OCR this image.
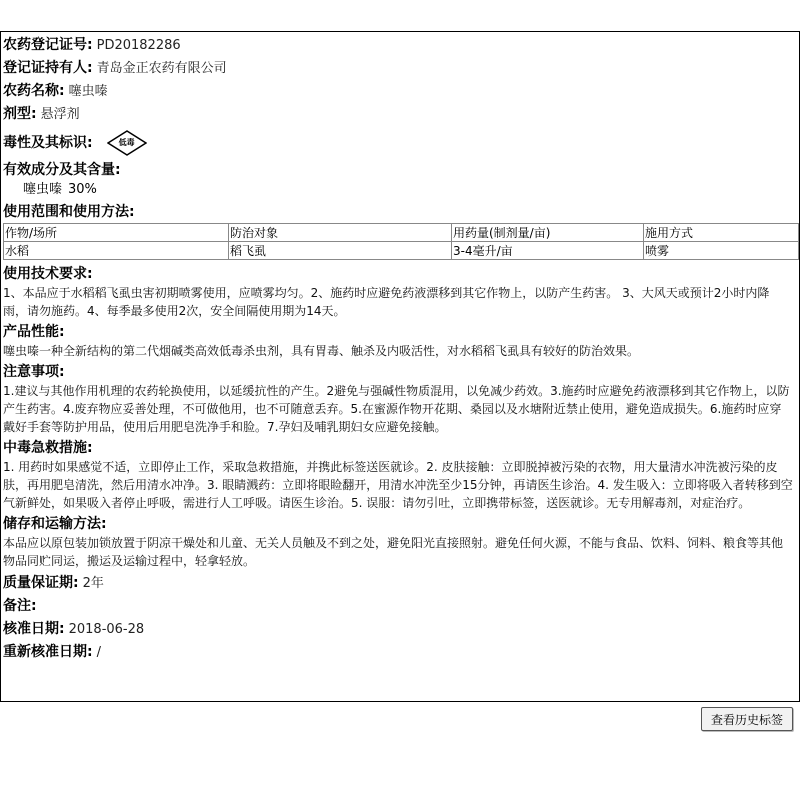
农药登记证号: PD20182286
登记证持有人: 青岛金正农药有限公司
农药名称: 噻虫嗪
剂型: 悬浮剂
毒性及其标识:	低毒
有效成分及其含量:
噻虫嗪 30%
使用范围和使用方法:
作物/场所	防治对象	用药量(制剂量/亩)	施用方式
水稻	稻飞虱	3-4毫升/亩	喷雾
使用技术要求:
1、本品应于水稻稻飞虱虫害初期喷雾使用，应喷雾均匀。2、施药时应避免药液漂移到其它作物上，以防产生药害。 3、大风天或预计2小时内降雨，请勿施药。4、每季最多使用2次，安全间隔使用期为14天。
产品性能:
噻虫嗪一种全新结构的第二代烟碱类高效低毒杀虫剂，具有胃毒、触杀及内吸活性，对水稻稻飞虱具有较好的防治效果。
注意事项:
1.建议与其他作用机理的农药轮换使用，以延缓抗性的产生。2避免与强碱性物质混用，以免减少药效。3.施药时应避免药液漂移到其它作物上，以防产生药害。4.废弃物应妥善处理，不可做他用，也不可随意丢弃。5.在蜜源作物开花期、桑园以及水塘附近禁止使用，避免造成损失。6.施药时应穿戴好手套等防护用品，使用后用肥皂洗净手和脸。7.孕妇及哺乳期妇女应避免接触。
中毒急救措施:
1. 用药时如果感觉不适，立即停止工作，采取急救措施，并携此标签送医就诊。2. 皮肤接触：立即脱掉被污染的衣物，用大量清水冲洗被污染的皮肤，再用肥皂清洗，然后用清水冲净。3. 眼睛溅药：立即将眼睑翻开，用清水冲洗至少15分钟，再请医生诊治。4. 发生吸入：立即将吸入者转移到空气新鲜处，如果吸入者停止呼吸，需进行人工呼吸。请医生诊治。5. 误服：请勿引吐，立即携带标签，送医就诊。无专用解毒剂，对症治疗。
储存和运输方法:
本品应以原包装加锁放置于阴凉干燥处和儿童、无关人员触及不到之处，避免阳光直接照射。避免任何火源，不能与食品、饮料、饲料、粮食等其他物品同贮同运，搬运及运输过程中，轻拿轻放。
质量保证期: 2年
备注:
核准日期: 2018-06-28
重新核准日期: /
查看历史标签
